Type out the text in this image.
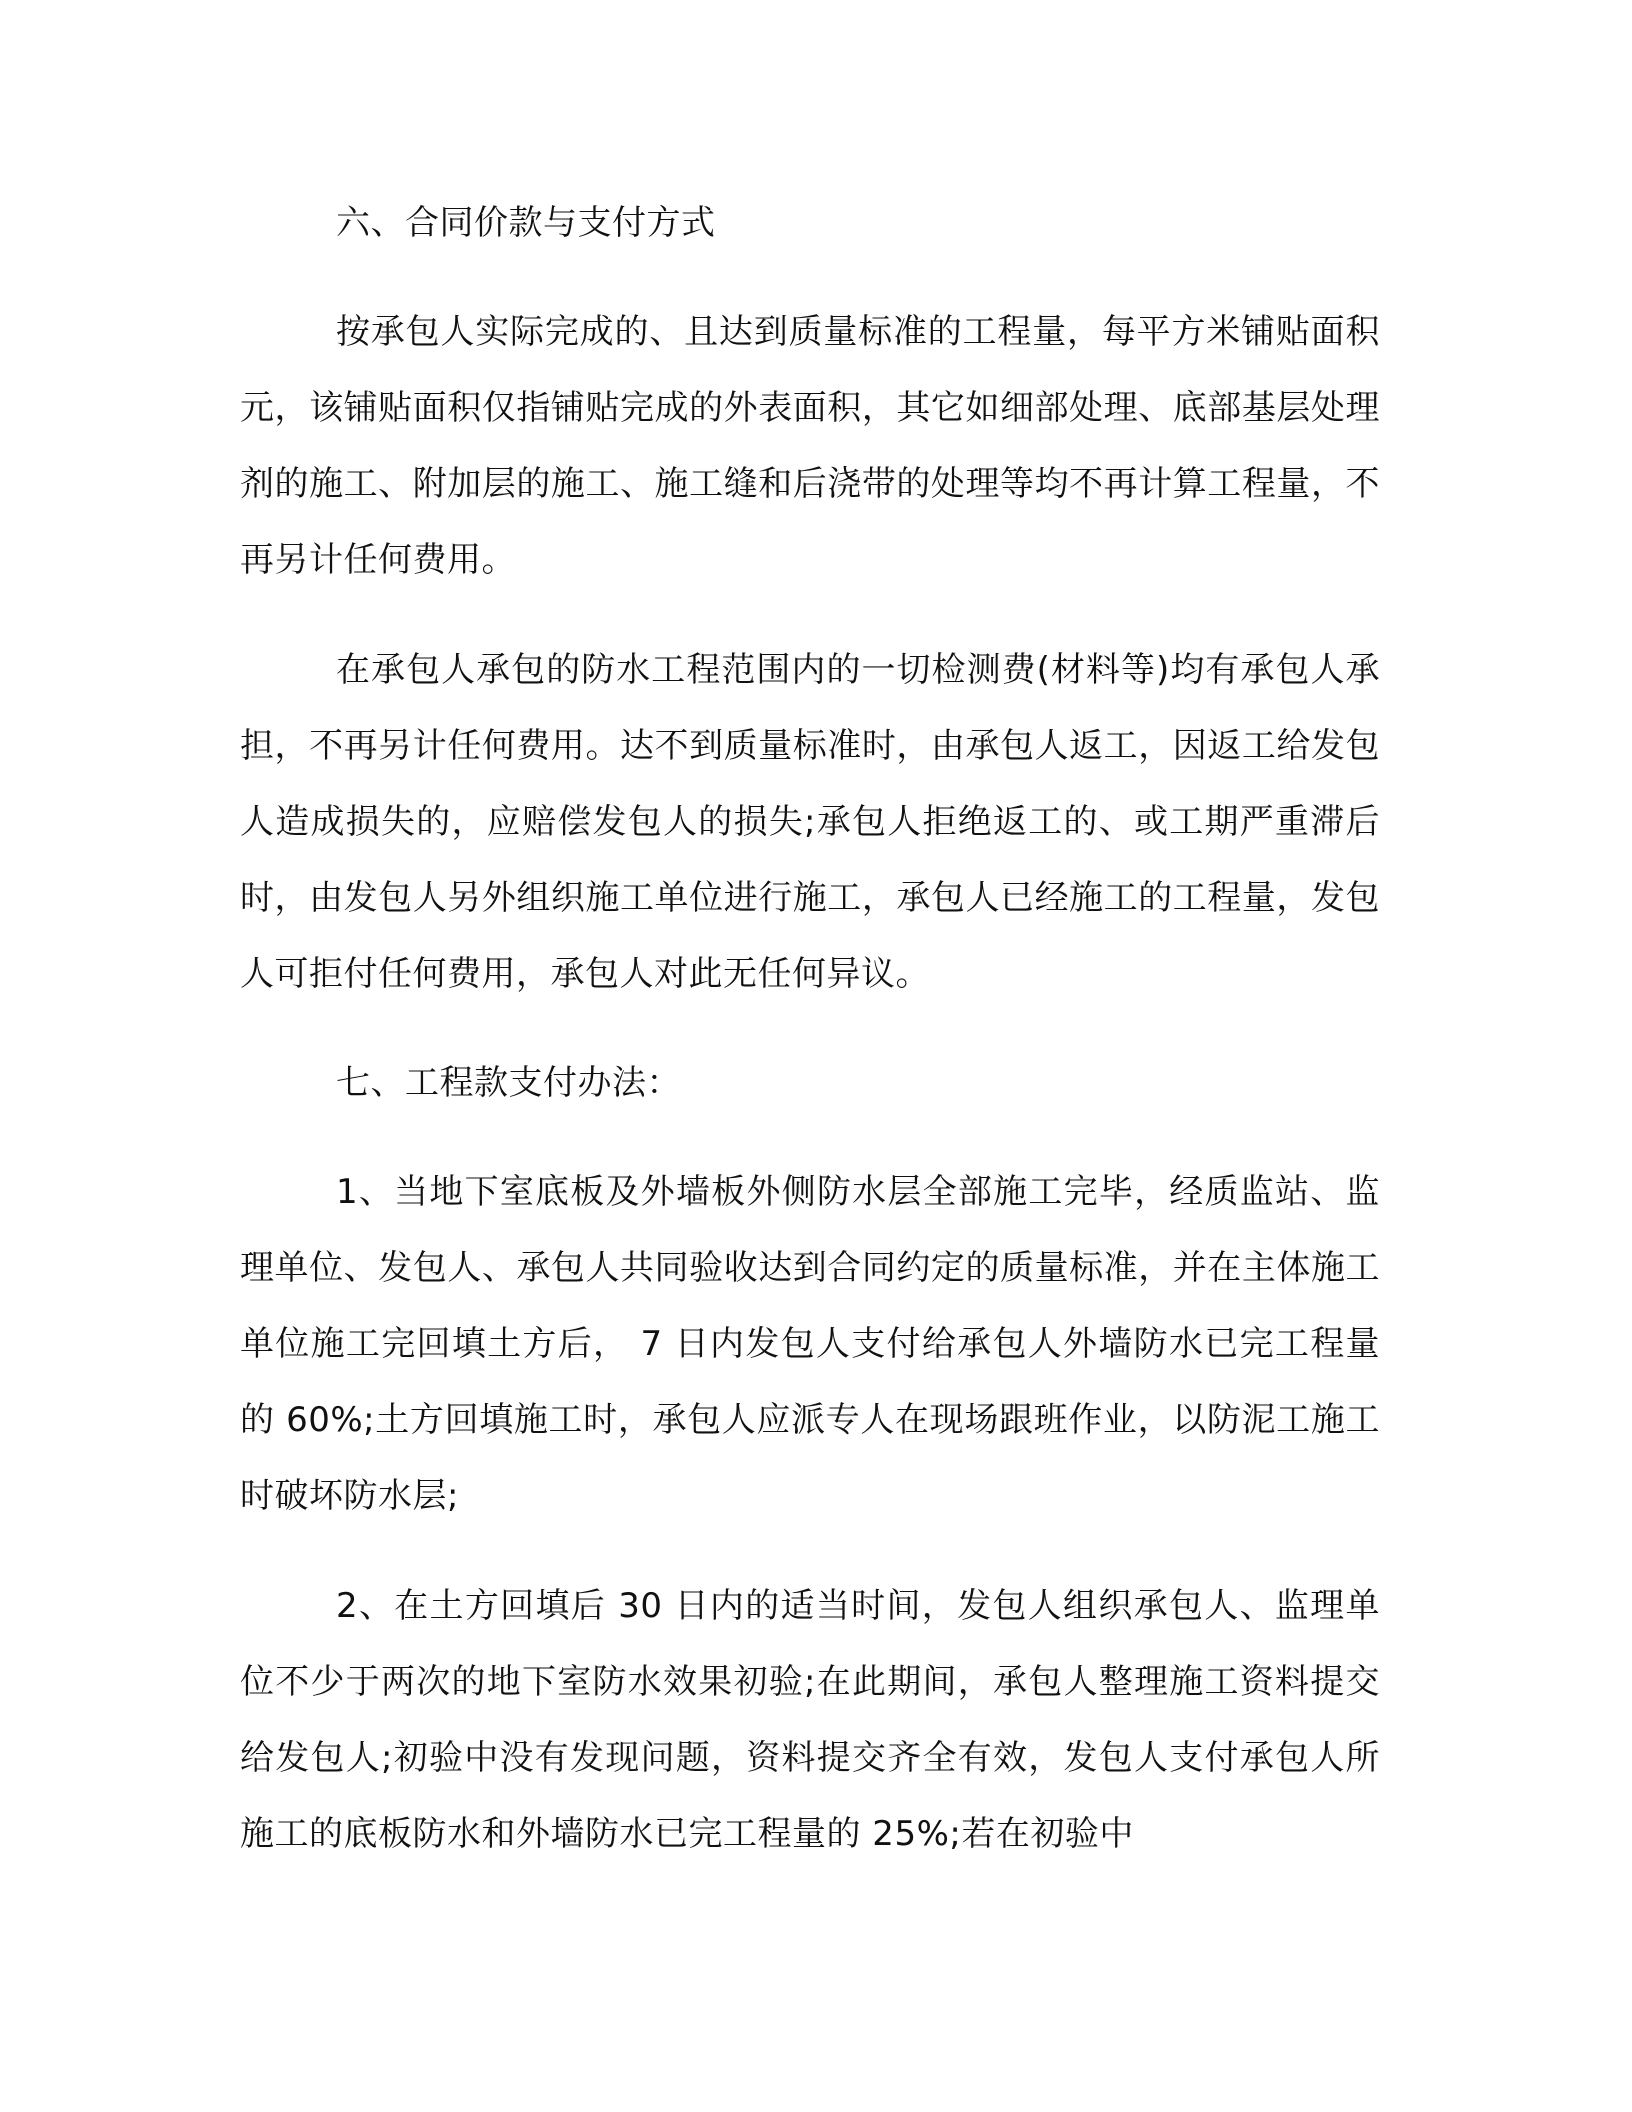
六、合同价款与支付方式

按承包人实际完成的、且达到质量标准的工程量，每平方米铺贴面积 元，该铺贴面积仅指铺贴完成的外表面积，其它如细部处理、底部基层处理剂的施工、附加层的施工、施工缝和后浇带的处理等均不再计算工程量，不再另计任何费用。

在承包人承包的防水工程范围内的一切检测费(材料等)均有承包人承担，不再另计任何费用。达不到质量标准时，由承包人返工，因返工给发包人造成损失的，应赔偿发包人的损失;承包人拒绝返工的、或工期严重滞后时，由发包人另外组织施工单位进行施工，承包人已经施工的工程量，发包人可拒付任何费用，承包人对此无任何异议。

七、工程款支付办法：

1、当地下室底板及外墙板外侧防水层全部施工完毕，经质监站、监理单位、发包人、承包人共同验收达到合同约定的质量标准，并在主体施工单位施工完回填土方后， 7 日内发包人支付给承包人外墙防水已完工程量的 60%;土方回填施工时，承包人应派专人在现场跟班作业，以防泥工施工时破坏防水层;

2、在土方回填后 30 日内的适当时间，发包人组织承包人、监理单位不少于两次的地下室防水效果初验;在此期间，承包人整理施工资料提交给发包人;初验中没有发现问题，资料提交齐全有效，发包人支付承包人所施工的底板防水和外墙防水已完工程量的 25%;若在初验中
